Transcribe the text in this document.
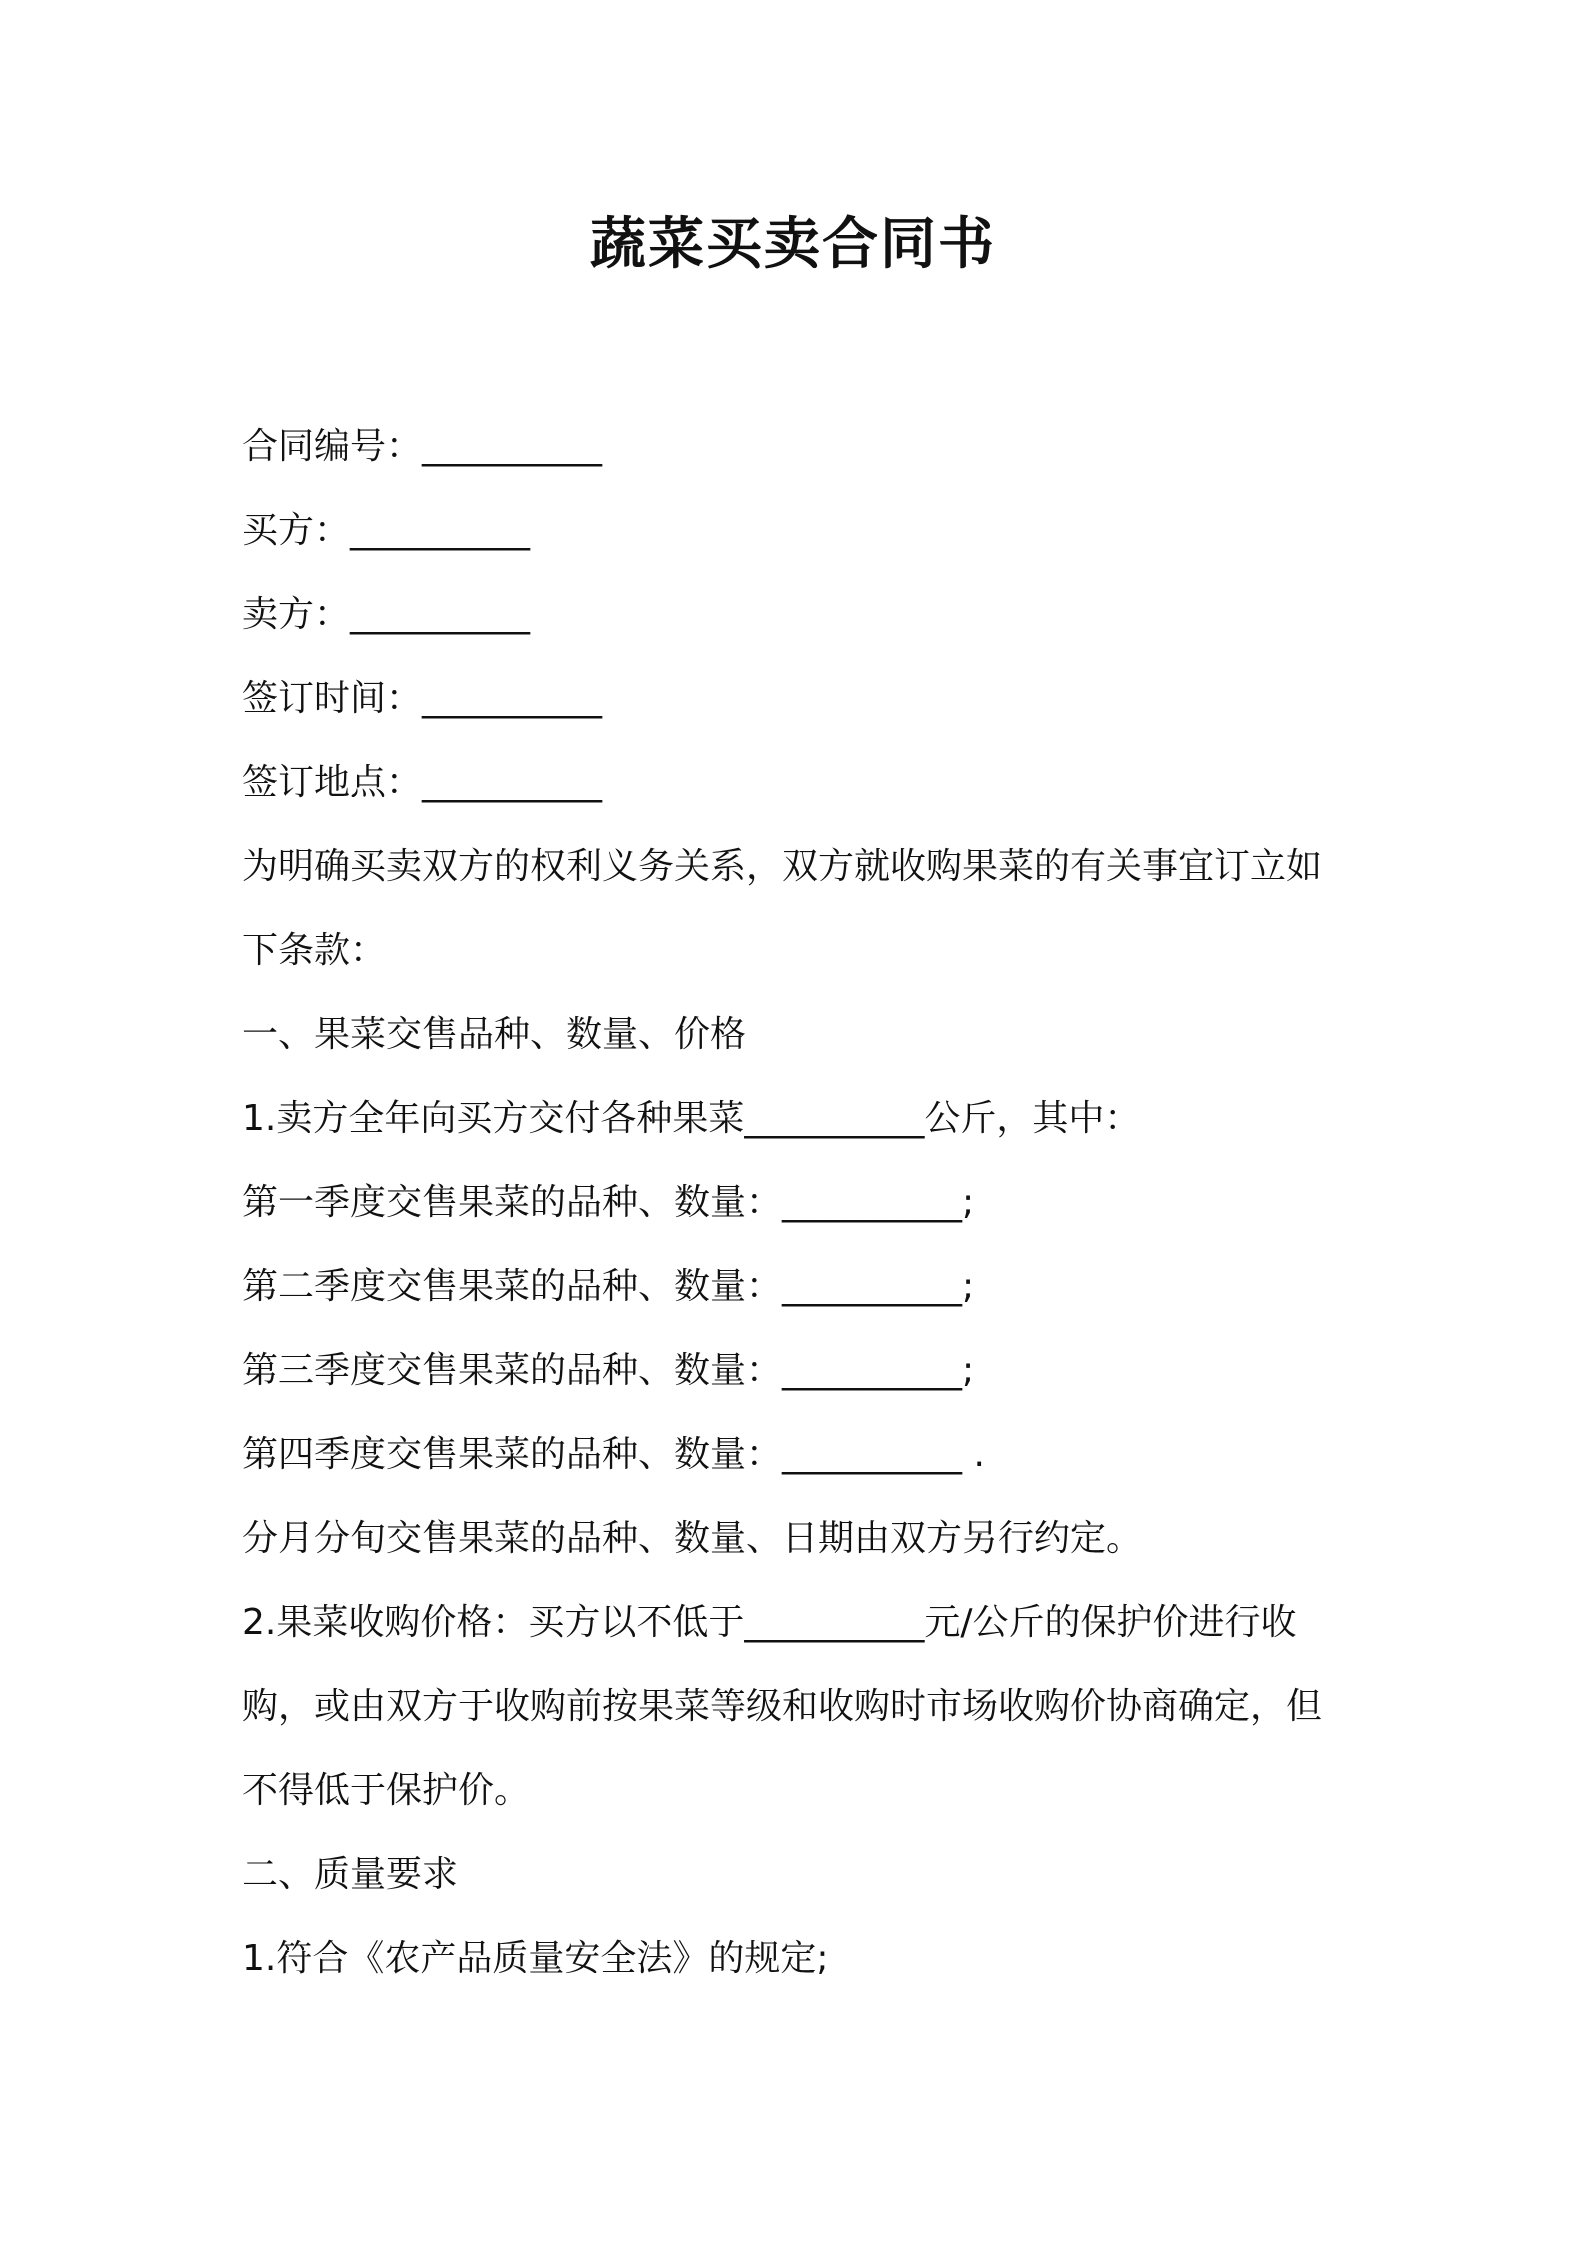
蔬菜买卖合同书
合同编号：__________
买方：__________
卖方：__________
签订时间：__________
签订地点：__________
为明确买卖双方的权利义务关系，双方就收购果菜的有关事宜订立如下条款：
一、果菜交售品种、数量、价格
1.卖方全年向买方交付各种果菜__________公斤，其中：
第一季度交售果菜的品种、数量：__________;
第二季度交售果菜的品种、数量：__________;
第三季度交售果菜的品种、数量：__________;
第四季度交售果菜的品种、数量：__________ .
分月分旬交售果菜的品种、数量、日期由双方另行约定。
2.果菜收购价格：买方以不低于__________元/公斤的保护价进行收购，或由双方于收购前按果菜等级和收购时市场收购价协商确定，但不得低于保护价。
二、质量要求
1.符合《农产品质量安全法》的规定;
